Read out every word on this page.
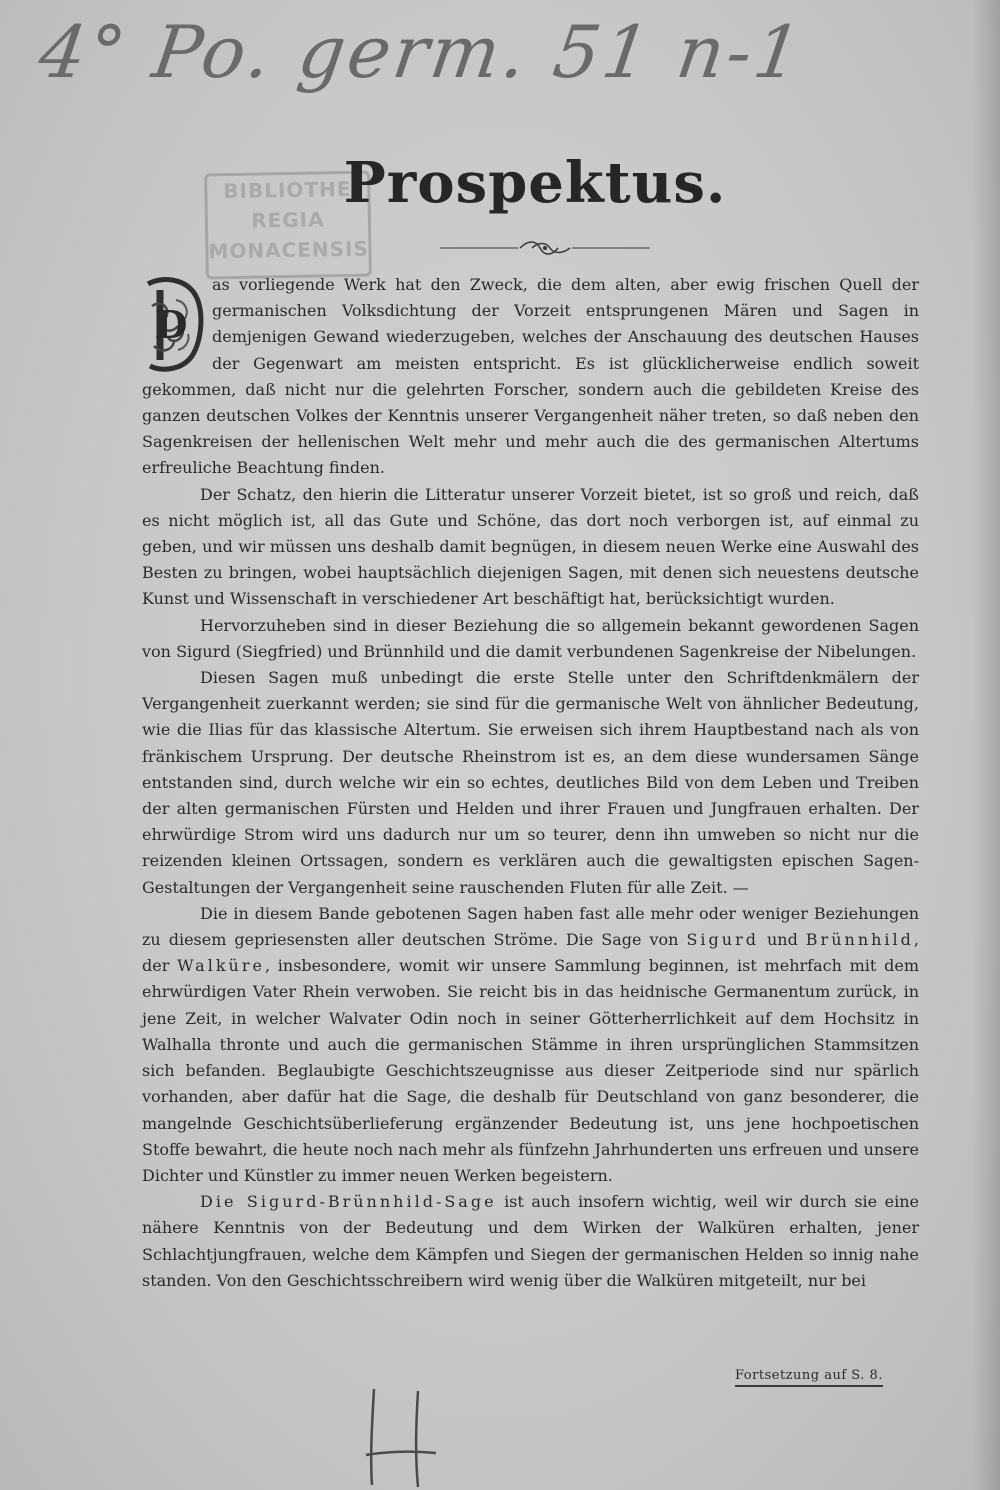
4° Po. germ. 51 n-1
BIBLIOTHE
REGIA
MONACENSIS
Prospektus.

D
as vorliegende Werk hat den Zweck, die dem alten, aber ewig frischen Quell der germanischen Volksdichtung der Vorzeit entsprungenen Mären und Sagen in demjenigen Gewand wiederzugeben, welches der Anschauung des deutschen Hauses der Gegenwart am meisten entspricht. Es ist glücklicherweise endlich soweit gekommen, daß nicht nur die gelehrten Forscher, sondern auch die gebildeten Kreise des ganzen deutschen Volkes der Kenntnis unserer Vergangenheit näher treten, so daß neben den Sagenkreisen der hellenischen Welt mehr und mehr auch die des germanischen Altertums erfreuliche Beachtung finden.

Der Schatz, den hierin die Litteratur unserer Vorzeit bietet, ist so groß und reich, daß es nicht möglich ist, all das Gute und Schöne, das dort noch verborgen ist, auf einmal zu geben, und wir müssen uns deshalb damit begnügen, in diesem neuen Werke eine Auswahl des Besten zu bringen, wobei hauptsächlich diejenigen Sagen, mit denen sich neuestens deutsche Kunst und Wissenschaft in verschiedener Art beschäftigt hat, berücksichtigt wurden.

Hervorzuheben sind in dieser Beziehung die so allgemein bekannt gewordenen Sagen von Sigurd (Siegfried) und Brünnhild und die damit verbundenen Sagenkreise der Nibelungen.

Diesen Sagen muß unbedingt die erste Stelle unter den Schriftdenkmälern der Vergangenheit zuerkannt werden; sie sind für die germanische Welt von ähnlicher Bedeutung, wie die Ilias für das klassische Altertum. Sie erweisen sich ihrem Hauptbestand nach als von fränkischem Ursprung. Der deutsche Rheinstrom ist es, an dem diese wundersamen Sänge entstanden sind, durch welche wir ein so echtes, deutliches Bild von dem Leben und Treiben der alten germanischen Fürsten und Helden und ihrer Frauen und Jungfrauen erhalten. Der ehrwürdige Strom wird uns dadurch nur um so teurer, denn ihn umweben so nicht nur die reizenden kleinen Ortssagen, sondern es verklären auch die gewaltigsten epischen Sagen-Gestaltungen der Vergangenheit seine rauschenden Fluten für alle Zeit. —

Die in diesem Bande gebotenen Sagen haben fast alle mehr oder weniger Beziehungen zu diesem gepriesensten aller deutschen Ströme. Die Sage von Sigurd und Brünnhild, der Walküre, insbesondere, womit wir unsere Sammlung beginnen, ist mehrfach mit dem ehrwürdigen Vater Rhein verwoben. Sie reicht bis in das heidnische Germanentum zurück, in jene Zeit, in welcher Walvater Odin noch in seiner Götterherrlichkeit auf dem Hochsitz in Walhalla thronte und auch die germanischen Stämme in ihren ursprünglichen Stammsitzen sich befanden. Beglaubigte Geschichtszeugnisse aus dieser Zeitperiode sind nur spärlich vorhanden, aber dafür hat die Sage, die deshalb für Deutschland von ganz besonderer, die mangelnde Geschichtsüberlieferung ergänzender Bedeutung ist, uns jene hochpoetischen Stoffe bewahrt, die heute noch nach mehr als fünfzehn Jahrhunderten uns erfreuen und unsere Dichter und Künstler zu immer neuen Werken begeistern.

Die Sigurd-Brünnhild-Sage ist auch insofern wichtig, weil wir durch sie eine nähere Kenntnis von der Bedeutung und dem Wirken der Walküren erhalten, jener Schlachtjungfrauen, welche dem Kämpfen und Siegen der germanischen Helden so innig nahe standen. Von den Geschichtsschreibern wird wenig über die Walküren mitgeteilt, nur bei

Fortsetzung auf S. 8.
4
